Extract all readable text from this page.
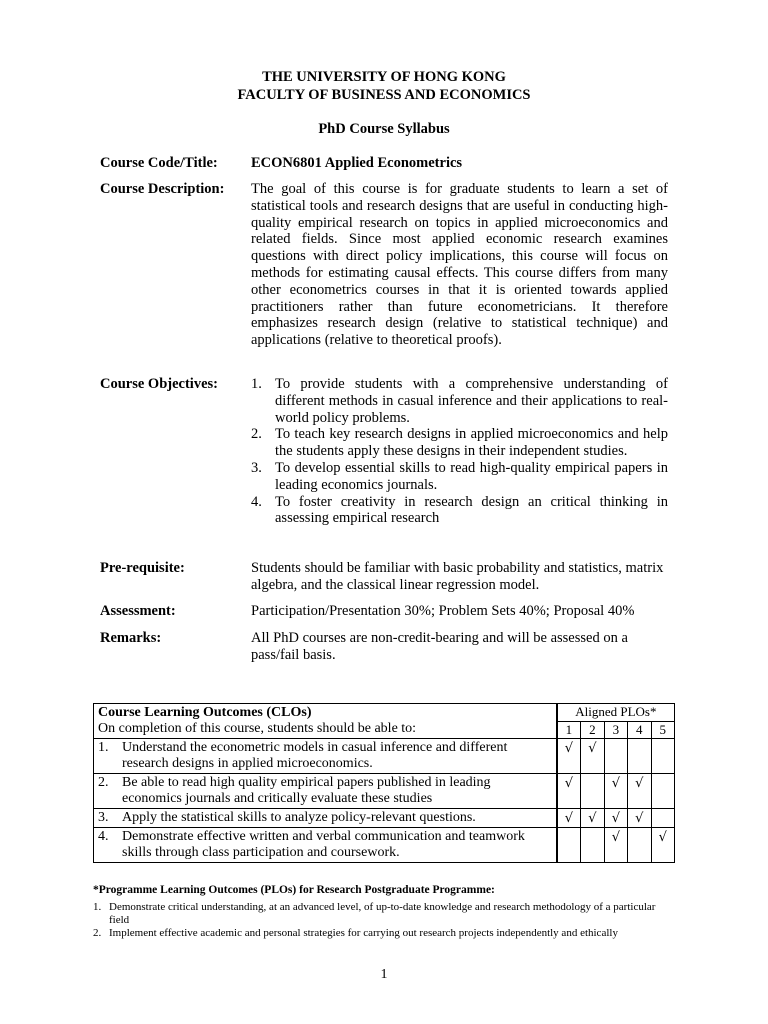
THE UNIVERSITY OF HONG KONG
FACULTY OF BUSINESS AND ECONOMICS
PhD Course Syllabus
Course Code/Title: ECON6801 Applied Econometrics
Course Description: The goal of this course is for graduate students to learn a set of statistical tools and research designs that are useful in conducting high-quality empirical research on topics in applied microeconomics and related fields. Since most applied economic research examines questions with direct policy implications, this course will focus on methods for estimating causal effects. This course differs from many other econometrics courses in that it is oriented towards applied practitioners rather than future econometricians. It therefore emphasizes research design (relative to statistical technique) and applications (relative to theoretical proofs).
Course Objectives:	To provide students with a comprehensive understanding of different methods in casual inference and their applications to real-world policy problems.
To teach key research designs in applied microeconomics and help the students apply these designs in their independent studies.
To develop essential skills to read high-quality empirical papers in leading economics journals.
To foster creativity in research design an critical thinking in assessing empirical research
Pre-requisite:	Students should be familiar with basic probability and statistics, matrix algebra, and the classical linear regression model.
Assessment:	Participation/Presentation 30%; Problem Sets 40%; Proposal 40%
Remarks:	All PhD courses are non-credit-bearing and will be assessed on a pass/fail basis.
Course Learning Outcomes (CLOs)
On completion of this course, students should be able to:	Aligned PLOs*				
	1	2	3	4	5

1. Understand the econometric models in casual inference and different research designs in applied microeconomics.	√	√			

2. Be able to read high quality empirical papers published in leading economics journals and critically evaluate these studies	√		√	√	

3. Apply the statistical skills to analyze policy-relevant questions.	√	√	√	√	

4. Demonstrate effective written and verbal communication and teamwork skills through class participation and coursework.			√		√
*Programme Learning Outcomes (PLOs) for Research Postgraduate Programme:
1. Demonstrate critical understanding, at an advanced level, of up-to-date knowledge and research methodology of a particular field
2. Implement effective academic and personal strategies for carrying out research projects independently and ethically
1
